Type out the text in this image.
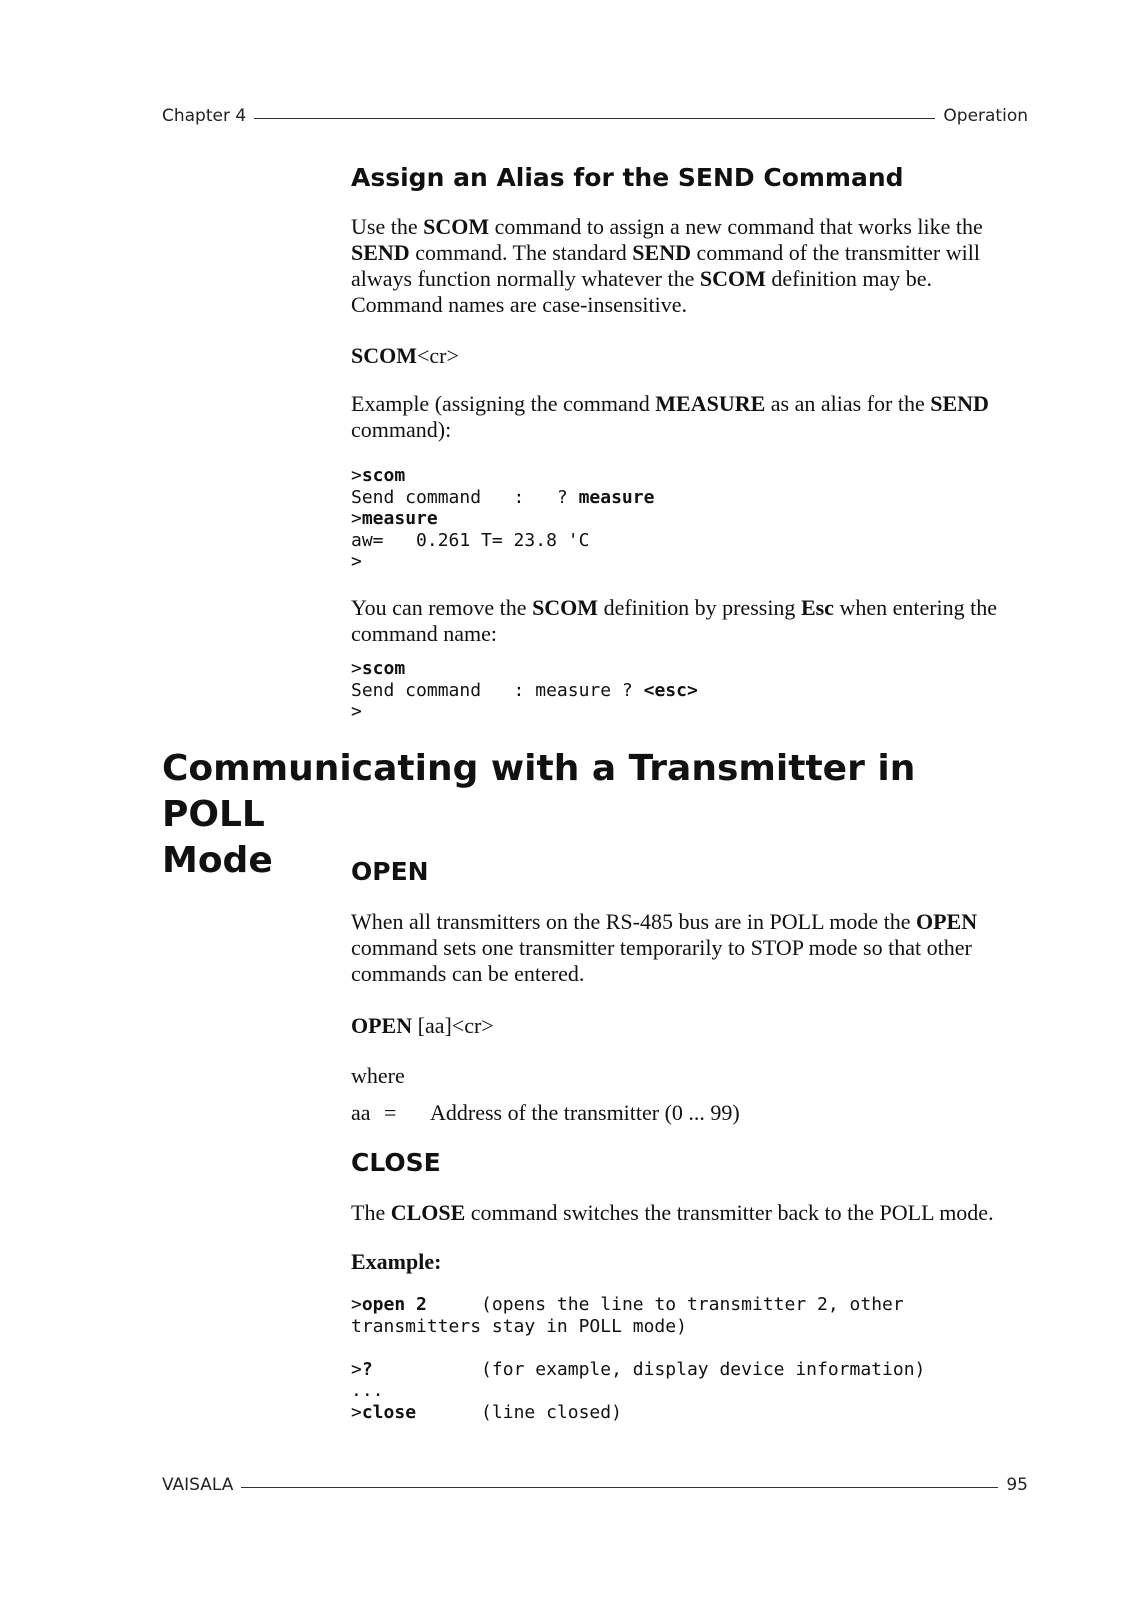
Chapter 4	Operation
Assign an Alias for the SEND Command
Use the SCOM command to assign a new command that works like the SEND command. The standard SEND command of the transmitter will always function normally whatever the SCOM definition may be. Command names are case-insensitive.
SCOM<cr>
Example (assigning the command MEASURE as an alias for the SEND command):
>scom
Send command   :   ? measure
>measure
aw=   0.261 T= 23.8 'C
>
You can remove the SCOM definition by pressing Esc when entering the command name:
>scom
Send command   : measure ? <esc>
>
Communicating with a Transmitter in POLL
Mode	OPEN
When all transmitters on the RS-485 bus are in POLL mode the OPEN command sets one transmitter temporarily to STOP mode so that other commands can be entered.
OPEN [aa]<cr>
where
aa = Address of the transmitter (0 ... 99)
CLOSE
The CLOSE command switches the transmitter back to the POLL mode.
Example:
>open 2     (opens the line to transmitter 2, other
transmitters stay in POLL mode)
>?          (for example, display device information)
...
>close      (line closed)
VAISALA	95
